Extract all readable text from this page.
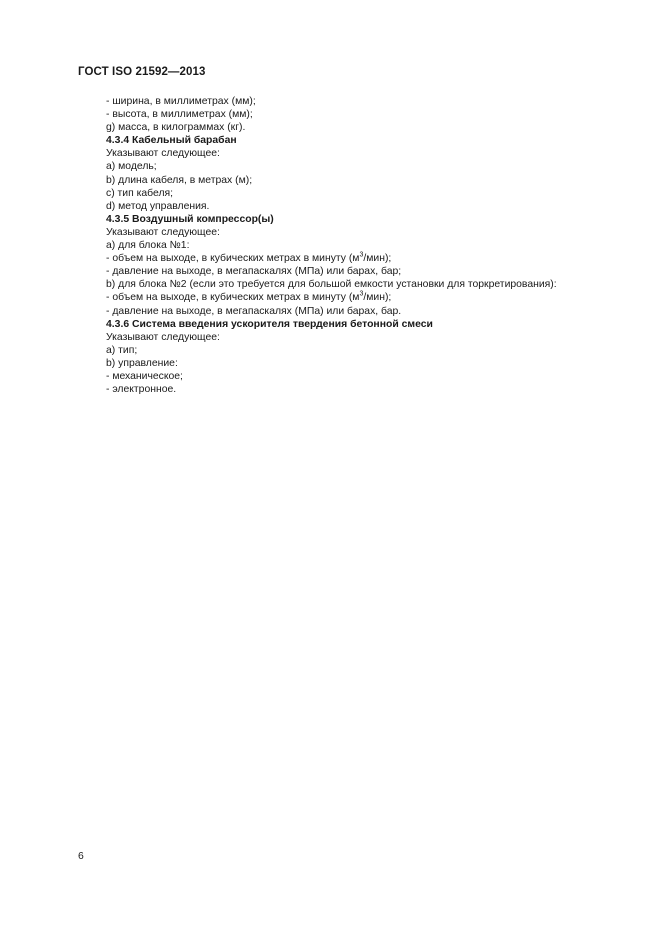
ГОСТ ISO 21592—2013
- ширина, в миллиметрах (мм);
- высота, в миллиметрах (мм);
g) масса, в килограммах (кг).
4.3.4 Кабельный барабан
Указывают следующее:
a) модель;
b) длина кабеля, в метрах (м);
c) тип кабеля;
d) метод управления.
4.3.5 Воздушный компрессор(ы)
Указывают следующее:
a) для блока №1:
- объем на выходе, в кубических метрах в минуту $(м^3/мин)$;
- давление на выходе, в мегапаскалях (МПа) или барах, бар;
b) для блока №2 (если это требуется для большой емкости установки для торкретирования):
- объем на выходе, в кубических метрах в минуту $(м^3/мин)$;
- давление на выходе, в мегапаскалях (МПа) или барах, бар.
4.3.6 Система введения ускорителя твердения бетонной смеси
Указывают следующее:
a) тип;
b) управление:
- механическое;
- электронное.
6
